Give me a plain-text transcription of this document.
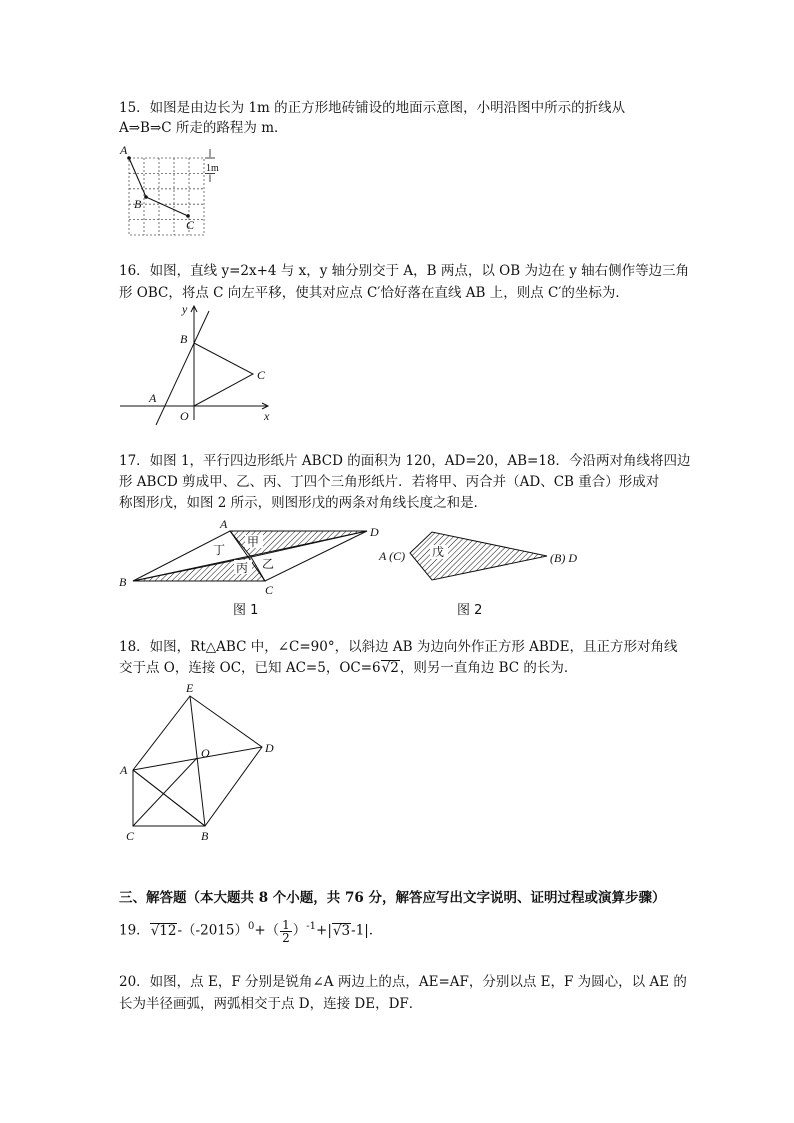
15．如图是由边长为 1m 的正方形地砖铺设的地面示意图，小明沿图中所示的折线从
A⇒B⇒C 所走的路程为 m．
A
B
C
1m
16．如图，直线 y=2x+4 与 x，y 轴分别交于 A，B 两点，以 OB 为边在 y 轴右侧作等边三角
形 OBC，将点 C 向左平移，使其对应点 C′恰好落在直线 AB 上，则点 C′的坐标为．
y
x
B
C
A
O
17．如图 1，平行四边形纸片 ABCD 的面积为 120，AD=20，AB=18．今沿两对角线将四边
形 ABCD 剪成甲、乙、丙、丁四个三角形纸片．若将甲、丙合并（AD、CB 重合）形成对
称图形戊，如图 2 所示，则图形戊的两条对角线长度之和是．
A
D
B
C
甲
乙
丙
丁
图 1
戊
A (C)	(B) D
图 2
18．如图，Rt△ABC 中，∠C=90°，以斜边 AB 为边向外作正方形 ABDE，且正方形对角线
交于点 O，连接 OC，已知 AC=5，OC=6√2，则另一直角边 BC 的长为．
E
A
O	D
C	B
三、解答题（本大题共 8 个小题，共 76 分，解答应写出文字说明、证明过程或演算步骤）
19．$√12-(-2015)^0+( \frac{1}{2} )^{-1}+|√3-1|$．
20．如图，点 E，F 分别是锐角∠A 两边上的点，AE=AF，分别以点 E，F 为圆心，以 AE 的
长为半径画弧，两弧相交于点 D，连接 DE，DF．
